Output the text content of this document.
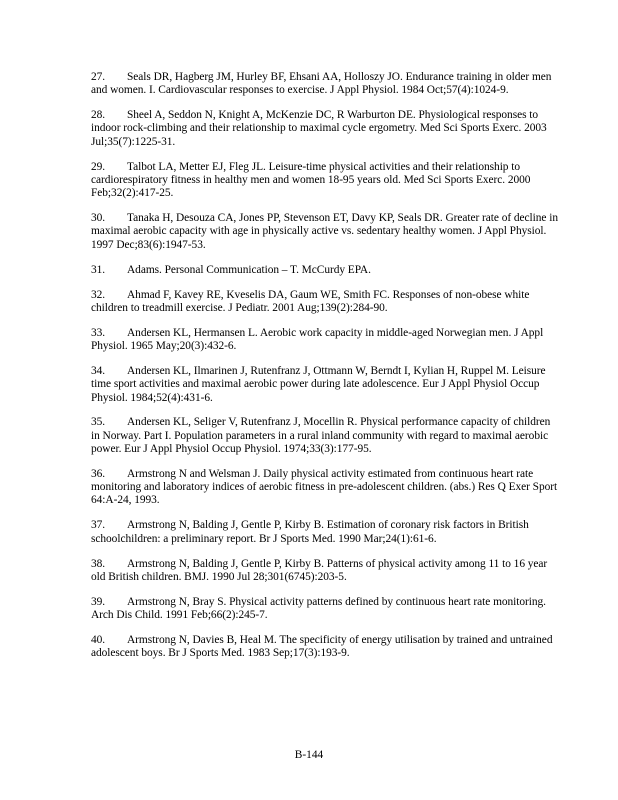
27. Seals DR, Hagberg JM, Hurley BF, Ehsani AA, Holloszy JO. Endurance training in older men and women. I. Cardiovascular responses to exercise. J Appl Physiol. 1984 Oct;57(4):1024-9.

28. Sheel A, Seddon N, Knight A, McKenzie DC, R Warburton DE. Physiological responses to indoor rock-climbing and their relationship to maximal cycle ergometry. Med Sci Sports Exerc. 2003 Jul;35(7):1225-31.

29. Talbot LA, Metter EJ, Fleg JL. Leisure-time physical activities and their relationship to cardiorespiratory fitness in healthy men and women 18-95 years old. Med Sci Sports Exerc. 2000 Feb;32(2):417-25.

30. Tanaka H, Desouza CA, Jones PP, Stevenson ET, Davy KP, Seals DR. Greater rate of decline in maximal aerobic capacity with age in physically active vs. sedentary healthy women. J Appl Physiol. 1997 Dec;83(6):1947-53.

31. Adams. Personal Communication – T. McCurdy EPA.

32. Ahmad F, Kavey RE, Kveselis DA, Gaum WE, Smith FC. Responses of non-obese white children to treadmill exercise. J Pediatr. 2001 Aug;139(2):284-90.

33. Andersen KL, Hermansen L. Aerobic work capacity in middle-aged Norwegian men. J Appl Physiol. 1965 May;20(3):432-6.

34. Andersen KL, Ilmarinen J, Rutenfranz J, Ottmann W, Berndt I, Kylian H, Ruppel M. Leisure time sport activities and maximal aerobic power during late adolescence. Eur J Appl Physiol Occup Physiol. 1984;52(4):431-6.

35. Andersen KL, Seliger V, Rutenfranz J, Mocellin R. Physical performance capacity of children in Norway. Part I. Population parameters in a rural inland community with regard to maximal aerobic power. Eur J Appl Physiol Occup Physiol. 1974;33(3):177-95.

36. Armstrong N and Welsman J. Daily physical activity estimated from continuous heart rate monitoring and laboratory indices of aerobic fitness in pre-adolescent children. (abs.) Res Q Exer Sport 64:A-24, 1993.

37. Armstrong N, Balding J, Gentle P, Kirby B. Estimation of coronary risk factors in British schoolchildren: a preliminary report. Br J Sports Med. 1990 Mar;24(1):61-6.

38. Armstrong N, Balding J, Gentle P, Kirby B. Patterns of physical activity among 11 to 16 year old British children. BMJ. 1990 Jul 28;301(6745):203-5.

39. Armstrong N, Bray S. Physical activity patterns defined by continuous heart rate monitoring. Arch Dis Child. 1991 Feb;66(2):245-7.

40. Armstrong N, Davies B, Heal M. The specificity of energy utilisation by trained and untrained adolescent boys. Br J Sports Med. 1983 Sep;17(3):193-9.

B-144
